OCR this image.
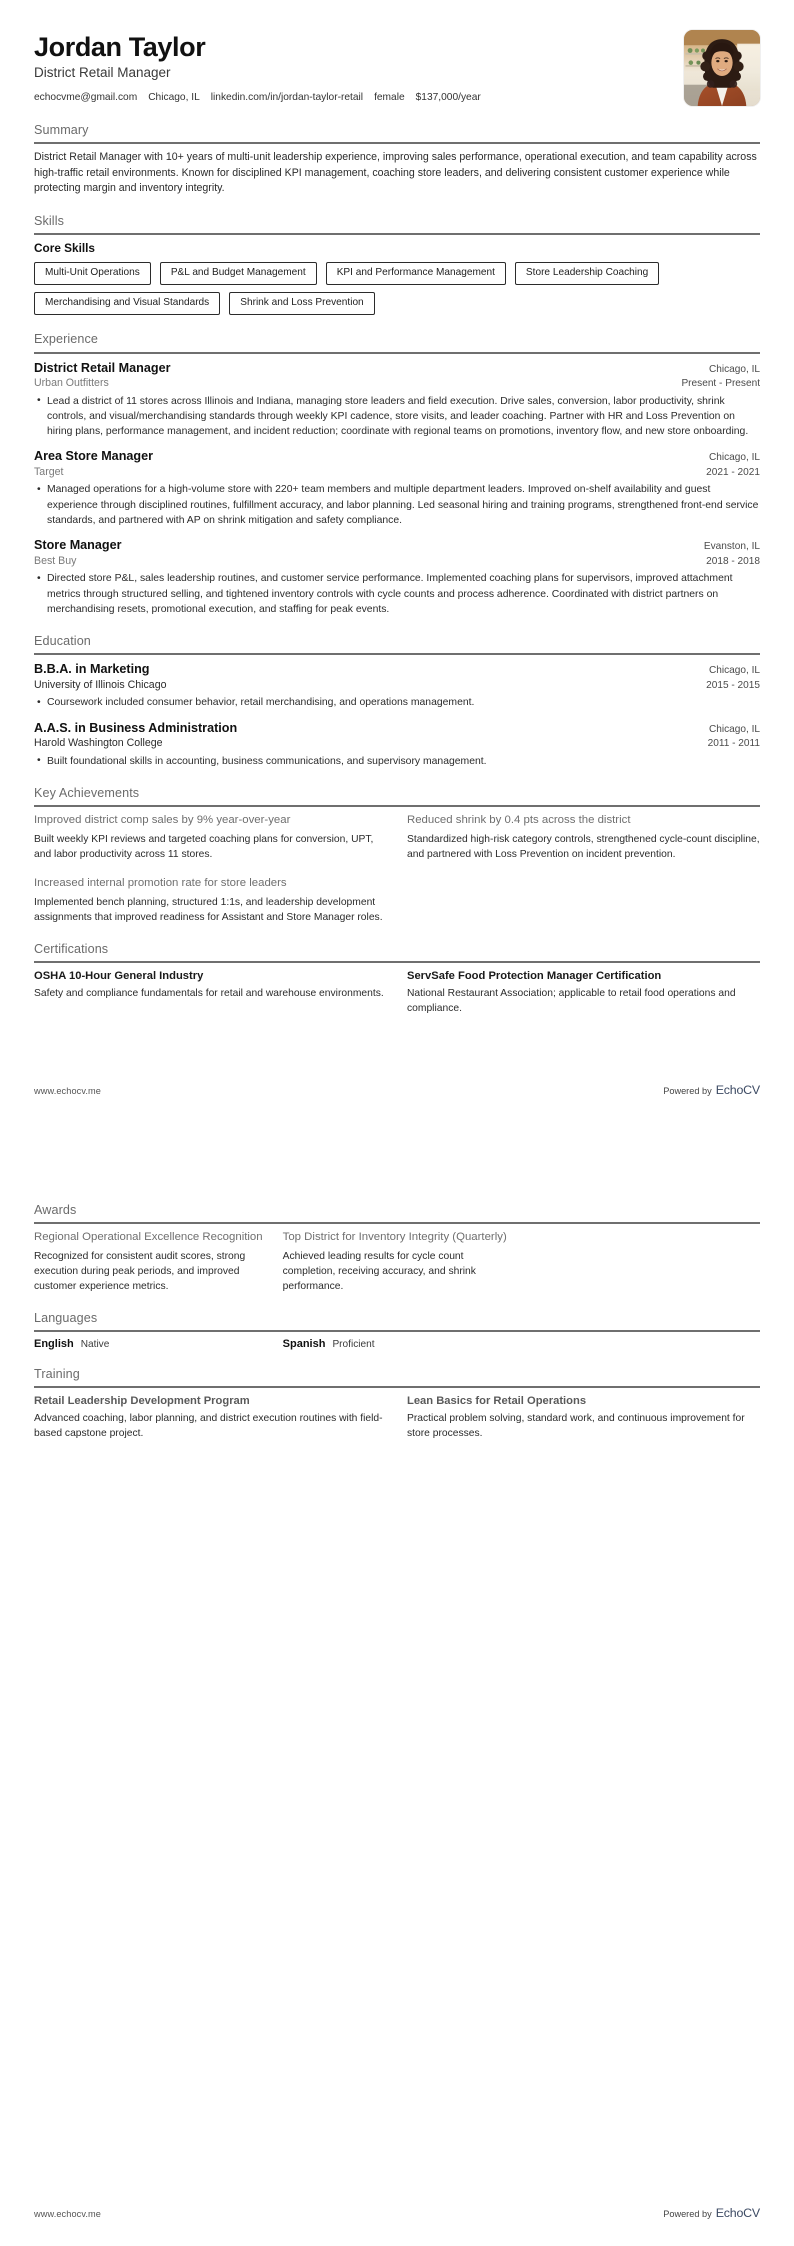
Jordan Taylor
District Retail Manager
echocvme@gmail.com Chicago, IL linkedin.com/in/jordan-taylor-retail female $137,000/year
Summary
District Retail Manager with 10+ years of multi-unit leadership experience, improving sales performance, operational execution, and team capability across high-traffic retail environments. Known for disciplined KPI management, coaching store leaders, and delivering consistent customer experience while protecting margin and inventory integrity.
Skills
Core Skills
Multi-Unit Operations	P&L and Budget Management	KPI and Performance Management	Store Leadership Coaching
Merchandising and Visual Standards	Shrink and Loss Prevention
Experience
District Retail Manager	Chicago, IL
Urban Outfitters	Present - Present
• Lead a district of 11 stores across Illinois and Indiana, managing store leaders and field execution. Drive sales, conversion, labor productivity, shrink controls, and visual/merchandising standards through weekly KPI cadence, store visits, and leader coaching. Partner with HR and Loss Prevention on hiring plans, performance management, and incident reduction; coordinate with regional teams on promotions, inventory flow, and new store onboarding.
Area Store Manager	Chicago, IL
Target	2021 - 2021
• Managed operations for a high-volume store with 220+ team members and multiple department leaders. Improved on-shelf availability and guest experience through disciplined routines, fulfillment accuracy, and labor planning. Led seasonal hiring and training programs, strengthened front-end service standards, and partnered with AP on shrink mitigation and safety compliance.
Store Manager	Evanston, IL
Best Buy	2018 - 2018
• Directed store P&L, sales leadership routines, and customer service performance. Implemented coaching plans for supervisors, improved attachment metrics through structured selling, and tightened inventory controls with cycle counts and process adherence. Coordinated with district partners on merchandising resets, promotional execution, and staffing for peak events.
Education
B.B.A. in Marketing	Chicago, IL
University of Illinois Chicago	2015 - 2015
• Coursework included consumer behavior, retail merchandising, and operations management.
A.A.S. in Business Administration	Chicago, IL
Harold Washington College	2011 - 2011
• Built foundational skills in accounting, business communications, and supervisory management.
Key Achievements
Improved district comp sales by 9% year-over-year
Built weekly KPI reviews and targeted coaching plans for conversion, UPT, and labor productivity across 11 stores.
Reduced shrink by 0.4 pts across the district
Standardized high-risk category controls, strengthened cycle-count discipline, and partnered with Loss Prevention on incident prevention.
Increased internal promotion rate for store leaders
Implemented bench planning, structured 1:1s, and leadership development assignments that improved readiness for Assistant and Store Manager roles.
Certifications
OSHA 10-Hour General Industry
Safety and compliance fundamentals for retail and warehouse environments.
ServSafe Food Protection Manager Certification
National Restaurant Association; applicable to retail food operations and compliance.
www.echocv.me	Powered by EchoCV
Awards
Regional Operational Excellence Recognition
Recognized for consistent audit scores, strong execution during peak periods, and improved customer experience metrics.
Top District for Inventory Integrity (Quarterly)
Achieved leading results for cycle count completion, receiving accuracy, and shrink performance.
Languages
English Native	Spanish Proficient
Training
Retail Leadership Development Program
Advanced coaching, labor planning, and district execution routines with field-based capstone project.
Lean Basics for Retail Operations
Practical problem solving, standard work, and continuous improvement for store processes.
www.echocv.me	Powered by EchoCV
